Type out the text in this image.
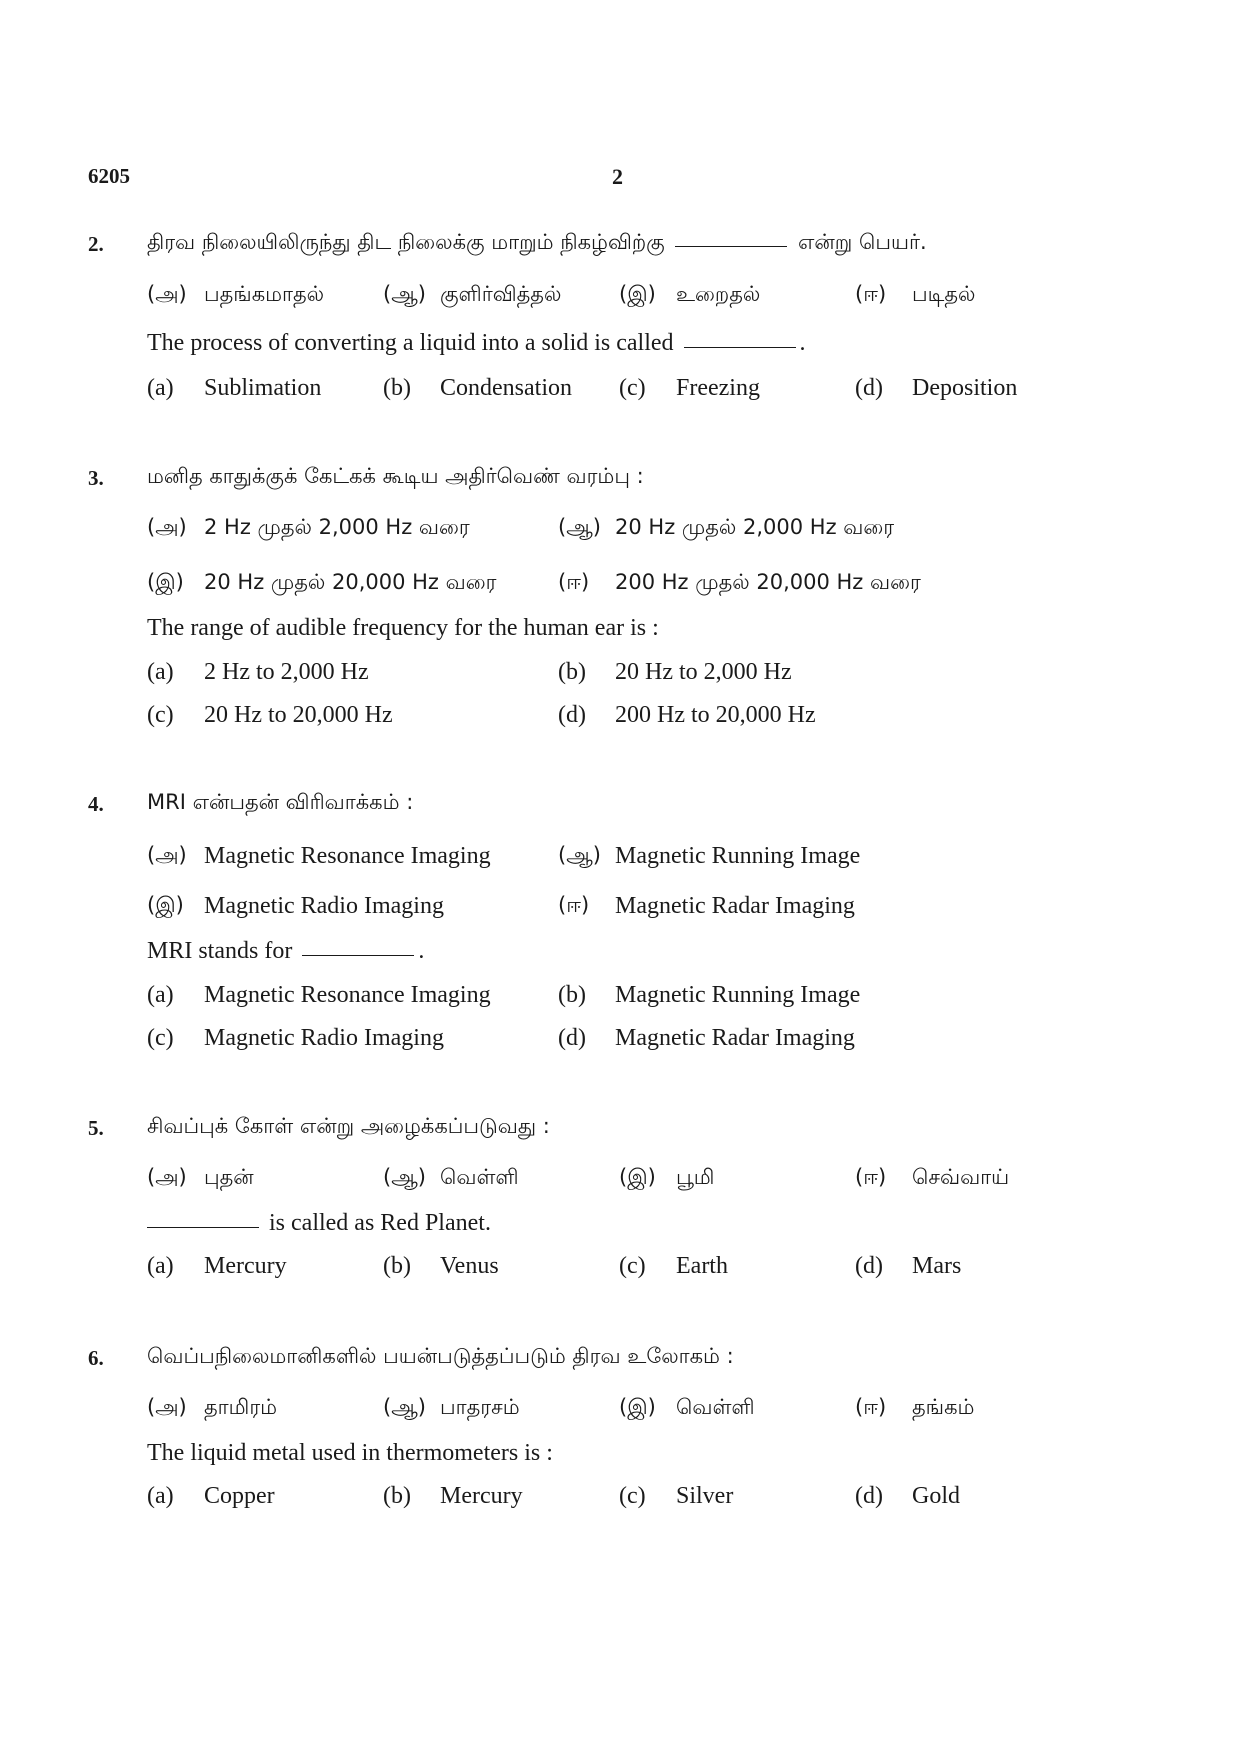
6205	2
2. திரவ நிலையிலிருந்து திட நிலைக்கு மாறும் நிகழ்விற்கு	என்று பெயர்.
(அ) பதங்கமாதல்	(ஆ) குளிர்வித்தல்	(இ) உறைதல்	(ஈ) படிதல்
The process of converting a liquid into a solid is called	.
(a) Sublimation	(b) Condensation (c) Freezing	(d) Deposition
3. மனித காதுக்குக் கேட்கக் கூடிய அதிர்வெண் வரம்பு :
(அ) 2 Hz முதல் 2,000 Hz வரை	(ஆ) 20 Hz முதல் 2,000 Hz வரை
(இ) 20 Hz முதல் 20,000 Hz வரை	(ஈ) 200 Hz முதல் 20,000 Hz வரை
The range of audible frequency for the human ear is :
(a) 2 Hz to 2,000 Hz	(b) 20 Hz to 2,000 Hz
(c) 20 Hz to 20,000 Hz	(d) 200 Hz to 20,000 Hz
4. MRI என்பதன் விரிவாக்கம் :
(அ) Magnetic Resonance Imaging	(ஆ) Magnetic Running Image
(இ) Magnetic Radio Imaging	(ஈ) Magnetic Radar Imaging
MRI stands for	.
(a) Magnetic Resonance Imaging	(b) Magnetic Running Image
(c) Magnetic Radio Imaging	(d) Magnetic Radar Imaging
5. சிவப்புக் கோள் என்று அழைக்கப்படுவது :
(அ) புதன்	(ஆ) வெள்ளி	(இ) பூமி	(ஈ) செவ்வாய்
is called as Red Planet.
(a) Mercury	(b) Venus	(c) Earth	(d) Mars
6. வெப்பநிலைமானிகளில் பயன்படுத்தப்படும் திரவ உலோகம் :
(அ) தாமிரம்	(ஆ) பாதரசம்	(இ) வெள்ளி	(ஈ) தங்கம்
The liquid metal used in thermometers is :
(a) Copper	(b) Mercury	(c) Silver	(d) Gold
